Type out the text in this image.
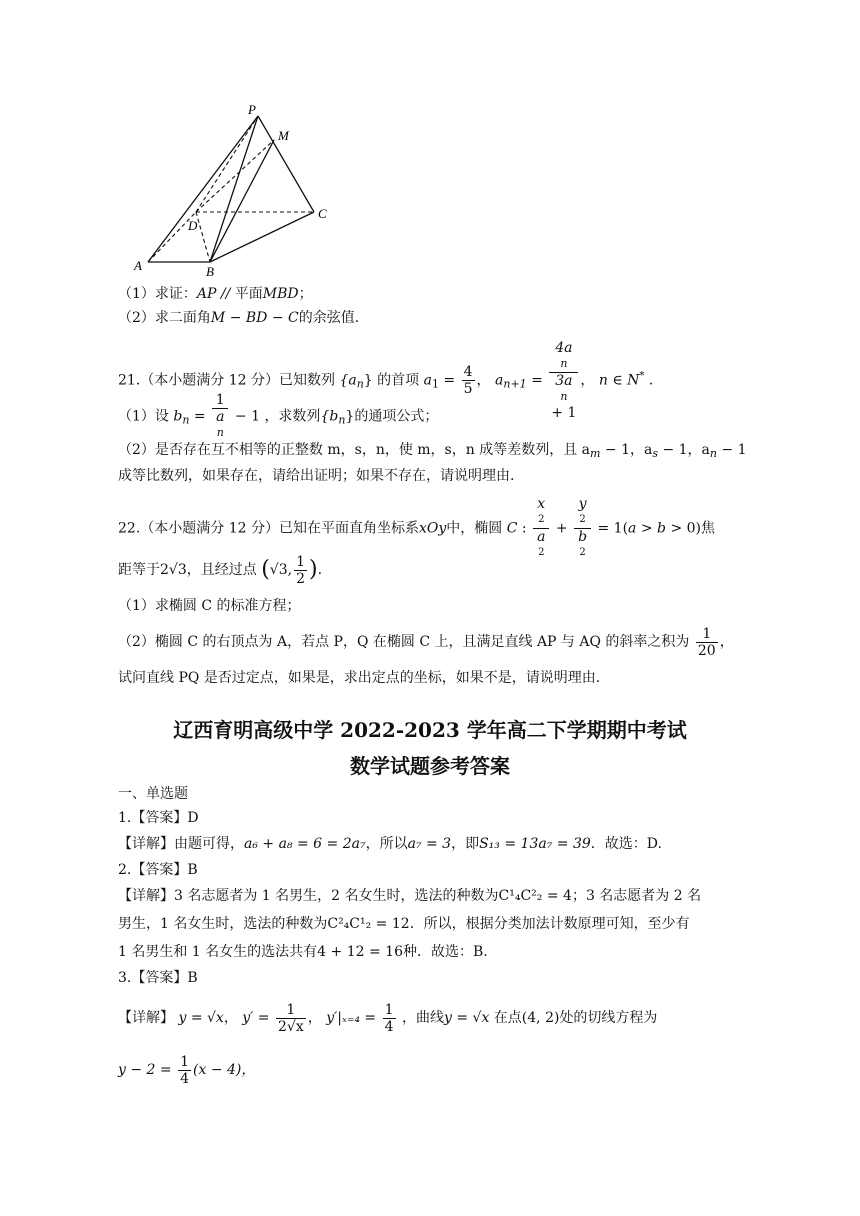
P
M
D
C
A	B
（1）求证：AP // 平面MBD；
（2）求二面角M − BD − C的余弦值.
21.（本小题满分 12 分）已知数列 $\{a_n\}$ 的首项 $a_1 = \frac{4}{5}$ ， $a_{n+1} = 4a$
n
3a
n
+ 1 ， n ∈ N* .
（1）设 $b_n = 1$
a
n − 1 ，求数列$\{b_n\}$的通项公式；
（2）是否存在互不相等的正整数 m，s，n，使 m，s，n 成等差数列，且 $a_m - 1$，$a_s - 1$，$a_n - 1$
成等比数列，如果存在，请给出证明；如果不存在，请说明理由.
22.（本小题满分 12 分）已知在平面直角坐标系xOy中，椭圆 C : x
2
a
2 + y
2
b
2 = 1(a > b > 0)焦
距等于2√3，且经过点 (√3, $\frac{1}{2}$ ).
（1）求椭圆 C 的标准方程；
（2）椭圆 C 的右顶点为 A，若点 P，Q 在椭圆 C 上，且满足直线 AP 与 AQ 的斜率之积为 $\frac{1}{20}$ ，
试问直线 PQ 是否过定点，如果是，求出定点的坐标，如果不是，请说明理由.
辽西育明高级中学 2022-2023 学年高二下学期期中考试
数学试题参考答案
一、单选题
1.【答案】D
【详解】由题可得，a₆ + a₈ = 6 = 2a₇，所以a₇ = 3，即S₁₃ = 13a₇ = 39．故选：D.
2.【答案】B
【详解】3 名志愿者为 1 名男生，2 名女生时，选法的种数为C¹₄C²₂ = 4；3 名志愿者为 2 名
男生，1 名女生时，选法的种数为C²₄C¹₂ = 12．所以，根据分类加法计数原理可知，至少有
1 名男生和 1 名女生的选法共有4 + 12 = 16种．故选：B.
3.【答案】B
【详解】 y = √x， $y' = \frac{1}{2√x}$ ， $y'|_{x=4} = \frac{1}{4}$ ，曲线y = √x 在点(4, 2)处的切线方程为
$y - 2 = \frac{1}{4} (x - 4)$，
